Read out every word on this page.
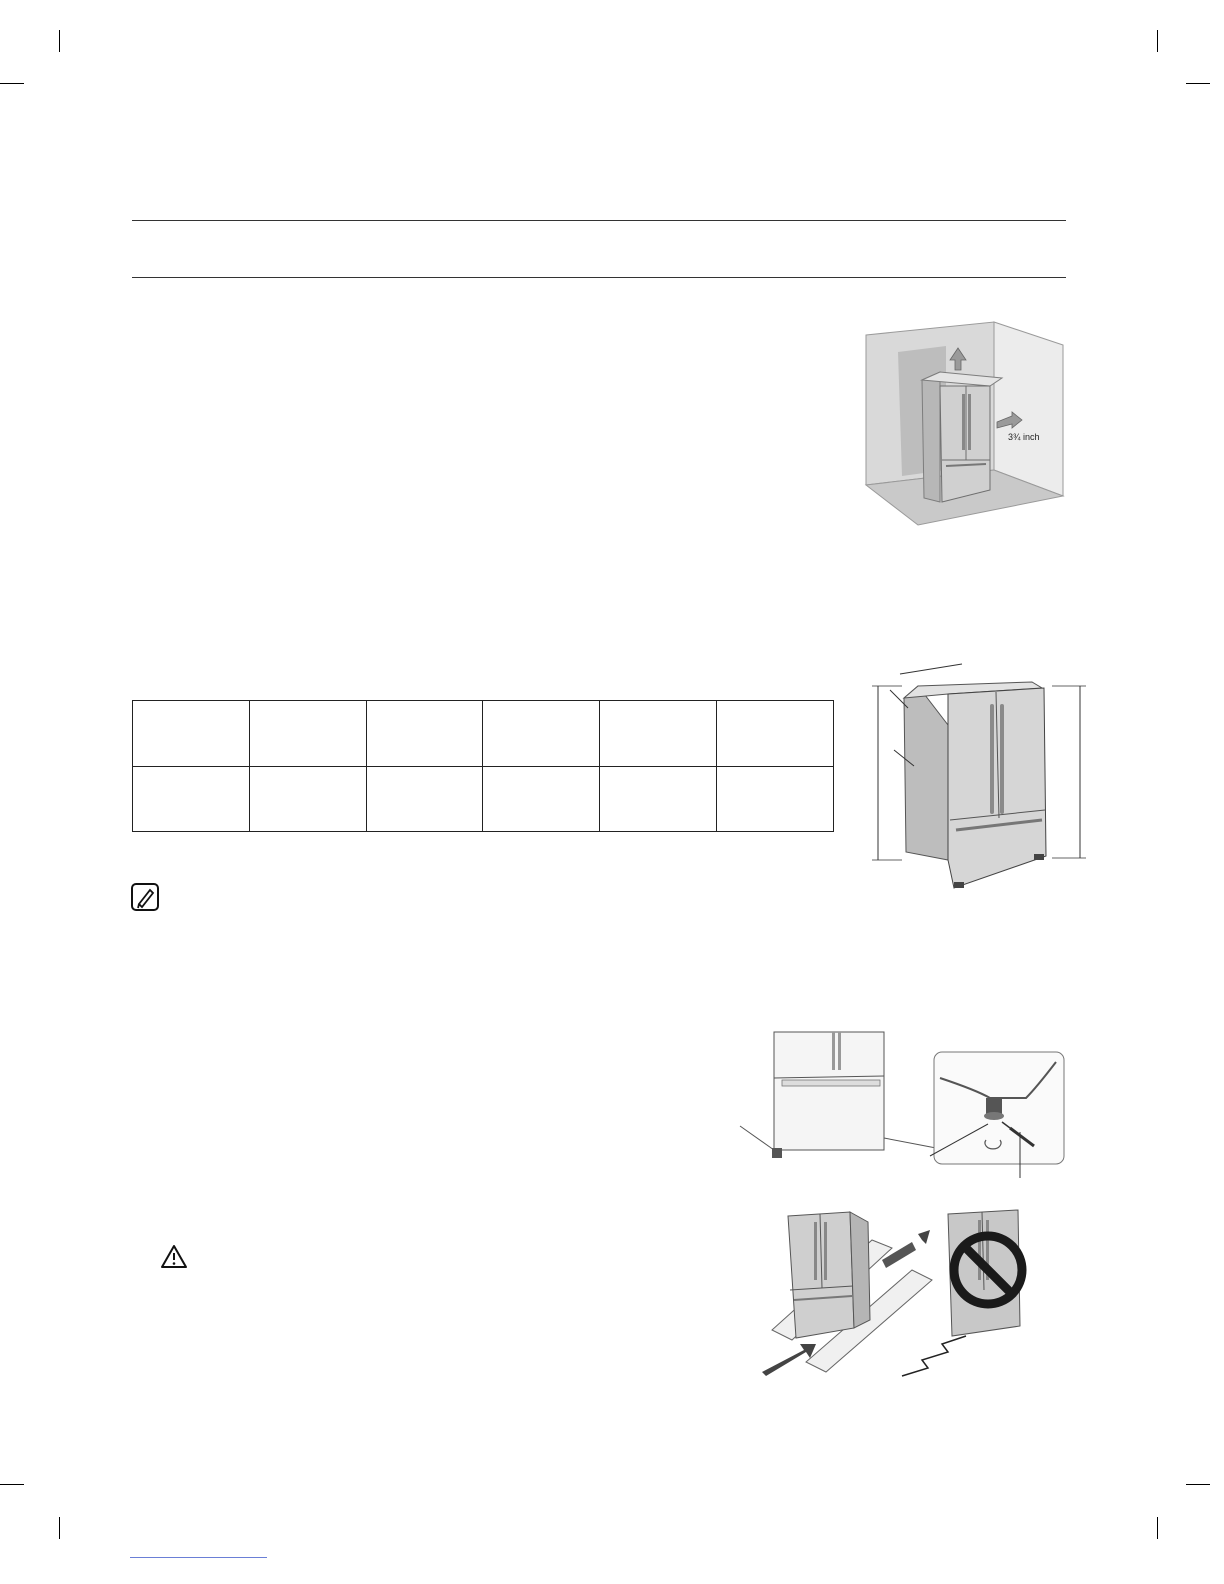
3¾ inch
